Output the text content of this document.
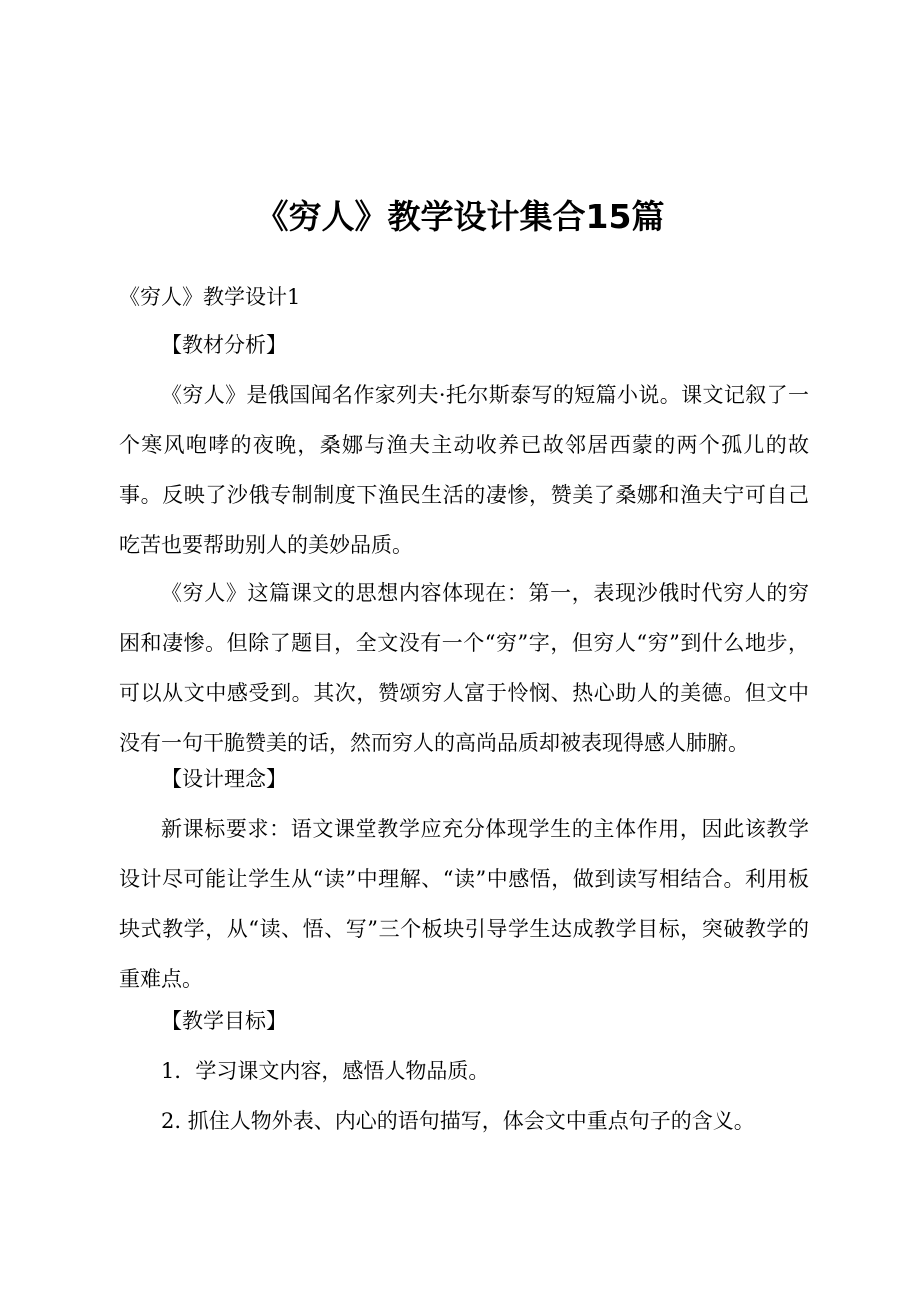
《穷人》教学设计集合15篇

《穷人》教学设计1

【教材分析】

《穷人》是俄国闻名作家列夫·托尔斯泰写的短篇小说。课文记叙了一个寒风咆哮的夜晚，桑娜与渔夫主动收养已故邻居西蒙的两个孤儿的故事。反映了沙俄专制制度下渔民生活的凄惨，赞美了桑娜和渔夫宁可自己吃苦也要帮助别人的美妙品质。

《穷人》这篇课文的思想内容体现在：第一，表现沙俄时代穷人的穷困和凄惨。但除了题目，全文没有一个“穷”字，但穷人“穷”到什么地步，可以从文中感受到。其次，赞颂穷人富于怜悯、热心助人的美德。但文中没有一句干脆赞美的话，然而穷人的高尚品质却被表现得感人肺腑。

【设计理念】

新课标要求：语文课堂教学应充分体现学生的主体作用，因此该教学设计尽可能让学生从“读”中理解、“读”中感悟，做到读写相结合。利用板块式教学，从“读、悟、写”三个板块引导学生达成教学目标，突破教学的重难点。

【教学目标】

1．学习课文内容，感悟人物品质。

2. 抓住人物外表、内心的语句描写，体会文中重点句子的含义。
